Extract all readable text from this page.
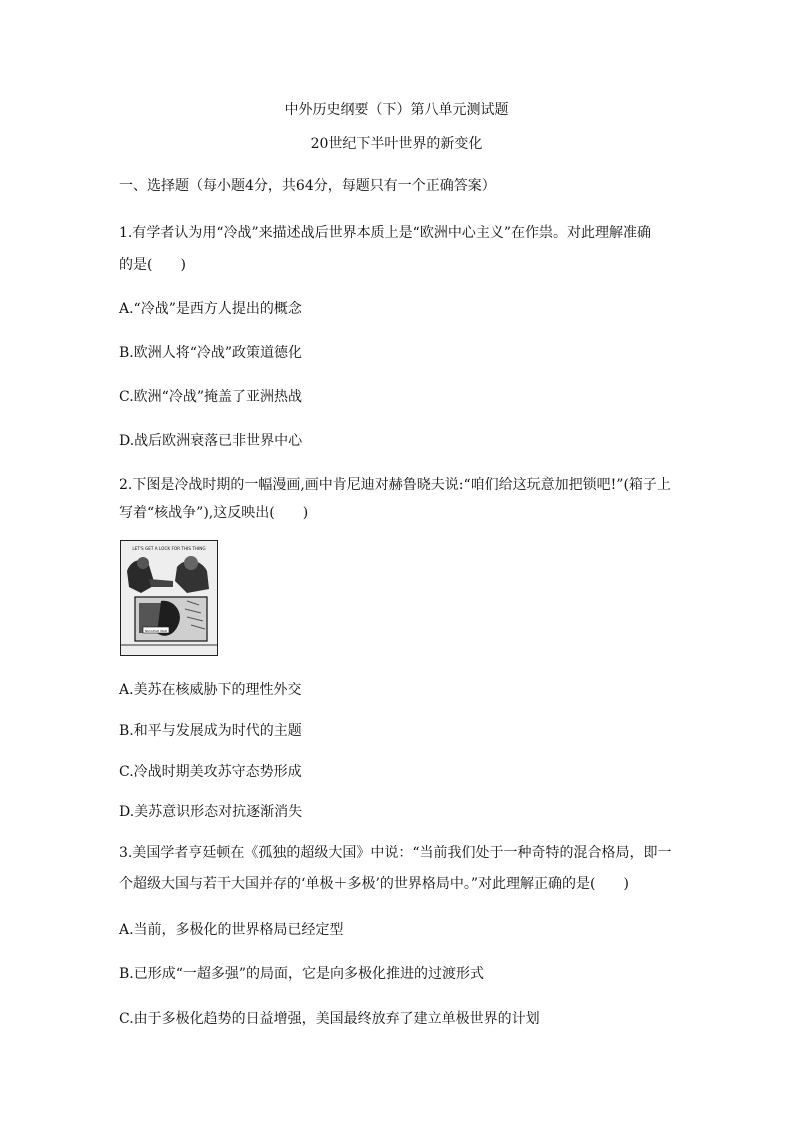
中外历史纲要（下）第八单元测试题
20世纪下半叶世界的新变化
一、选择题（每小题4分，共64分，每题只有一个正确答案）
1.有学者认为用“冷战”来描述战后世界本质上是“欧洲中心主义”在作祟。对此理解准确
的是(　　)
A.“冷战”是西方人提出的概念
B.欧洲人将“冷战”政策道德化
C.欧洲“冷战”掩盖了亚洲热战
D.战后欧洲衰落已非世界中心
2.下图是冷战时期的一幅漫画,画中肯尼迪对赫鲁晓夫说:“咱们给这玩意加把锁吧!”(箱子上
写着“核战争”),这反映出(　　)
LET'S GET A LOCK FOR THIS THING
NUCLEAR WAR
A.美苏在核威胁下的理性外交
B.和平与发展成为时代的主题
C.冷战时期美攻苏守态势形成
D.美苏意识形态对抗逐渐消失
3.美国学者亨廷顿在《孤独的超级大国》中说：“当前我们处于一种奇特的混合格局，即一
个超级大国与若干大国并存的‘单极＋多极’的世界格局中。”对此理解正确的是(　　)
A.当前，多极化的世界格局已经定型
B.已形成“一超多强”的局面，它是向多极化推进的过渡形式
C.由于多极化趋势的日益增强，美国最终放弃了建立单极世界的计划
